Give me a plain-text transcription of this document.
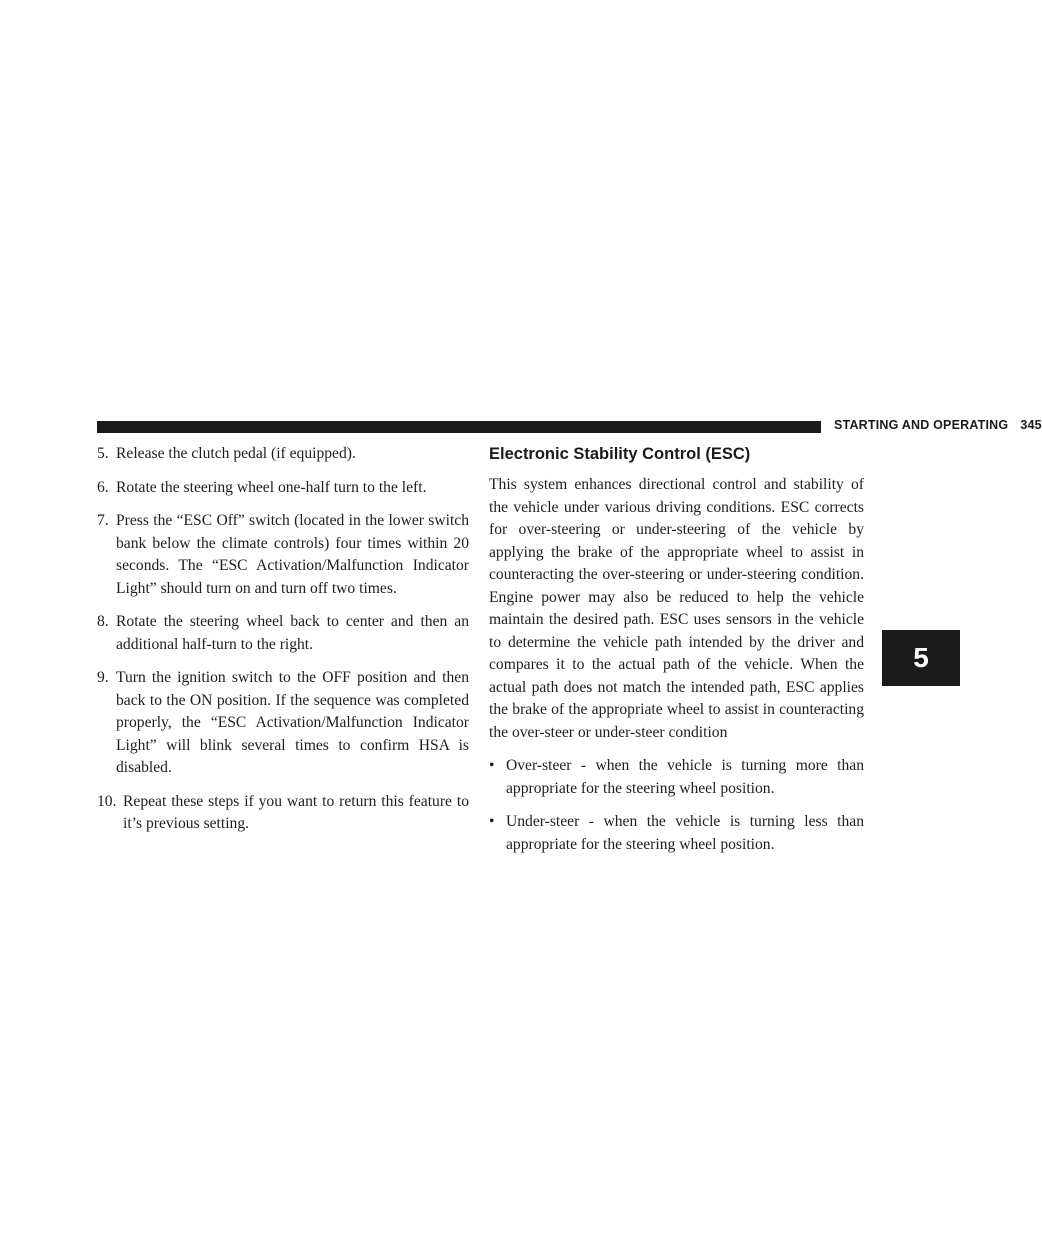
STARTING AND OPERATING 345
5. Release the clutch pedal (if equipped).
6. Rotate the steering wheel one-half turn to the left.
7. Press the “ESC Off” switch (located in the lower switch bank below the climate controls) four times within 20 seconds. The “ESC Activation/Malfunction Indicator Light” should turn on and turn off two times.
8. Rotate the steering wheel back to center and then an additional half-turn to the right.
9. Turn the ignition switch to the OFF position and then back to the ON position. If the sequence was completed properly, the “ESC Activation/Malfunction Indicator Light” will blink several times to confirm HSA is disabled.
10. Repeat these steps if you want to return this feature to it’s previous setting.
Electronic Stability Control (ESC)

This system enhances directional control and stability of the vehicle under various driving conditions. ESC corrects for over-steering or under-steering of the vehicle by applying the brake of the appropriate wheel to assist in counteracting the over-steering or under-steering condition. Engine power may also be reduced to help the vehicle maintain the desired path. ESC uses sensors in the vehicle to determine the vehicle path intended by the driver and compares it to the actual path of the vehicle. When the actual path does not match the intended path, ESC applies the brake of the appropriate wheel to assist in counteracting the over-steer or under-steer condition

• Over-steer - when the vehicle is turning more than appropriate for the steering wheel position.
• Under-steer - when the vehicle is turning less than appropriate for the steering wheel position.
5
